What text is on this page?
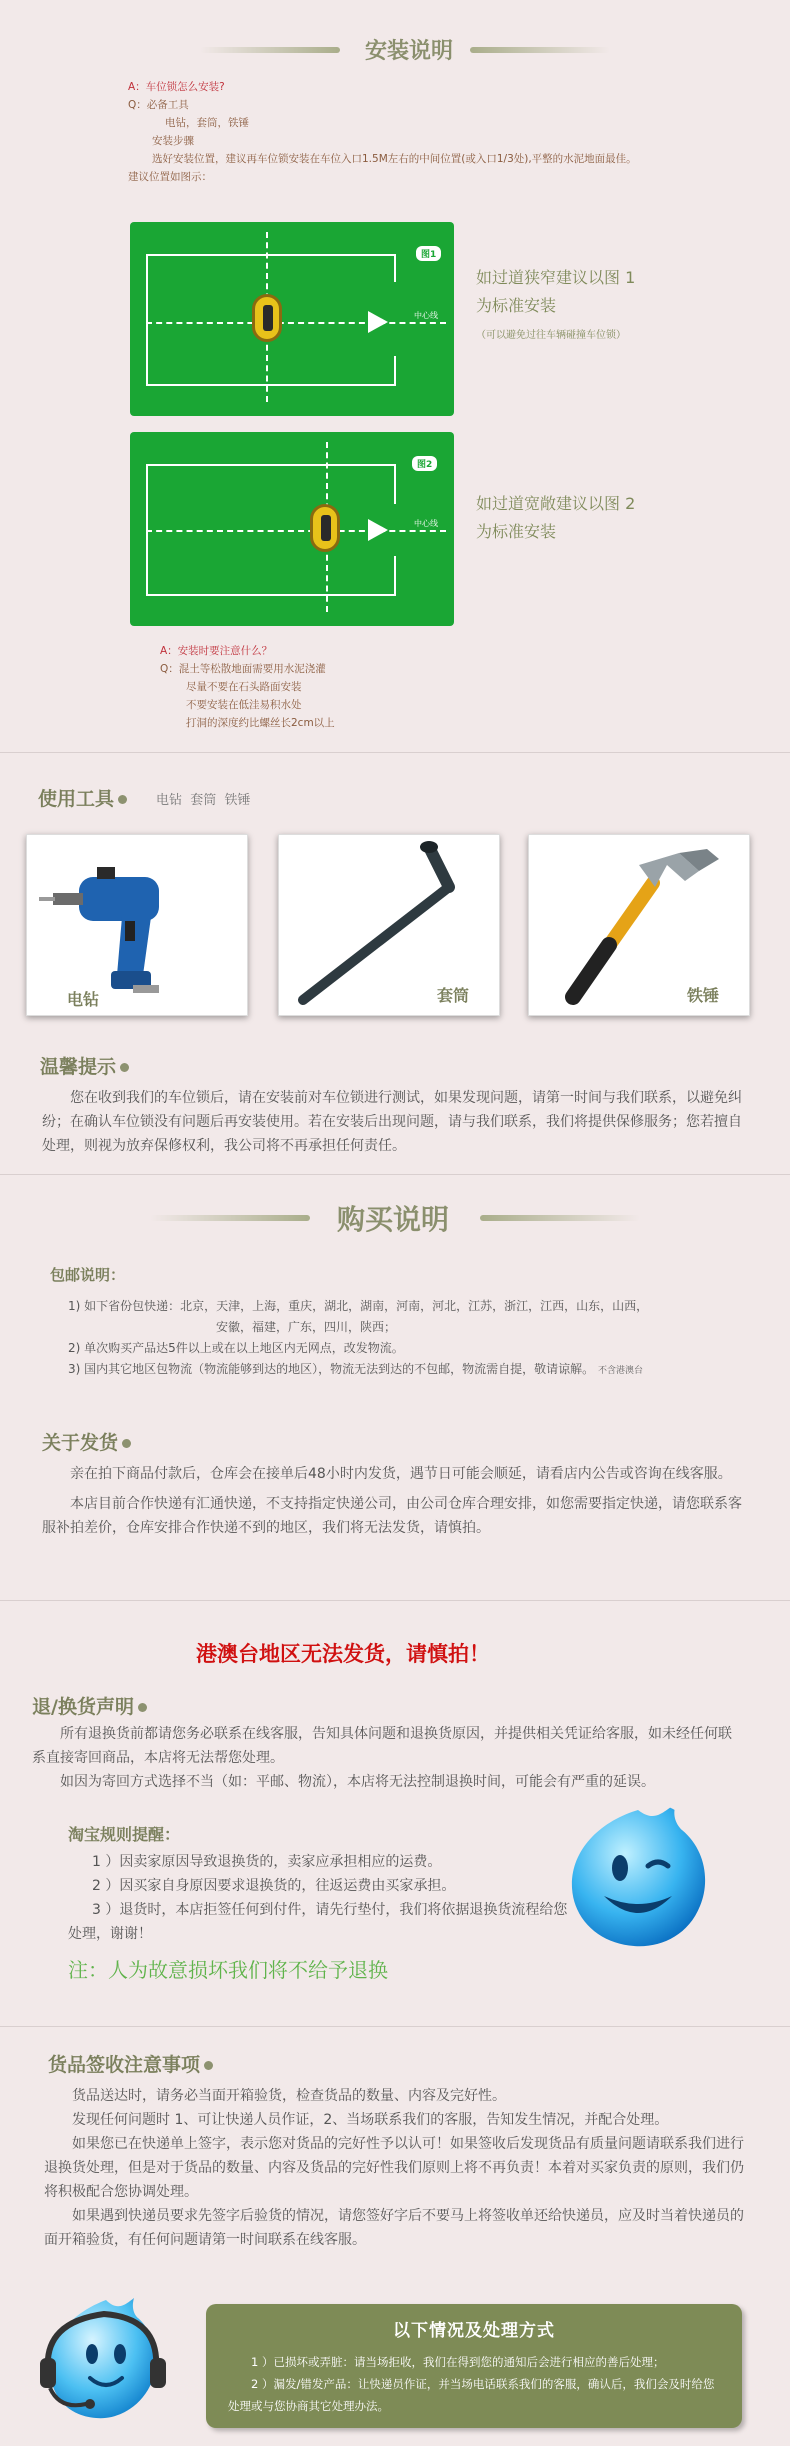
安装说明
A：车位锁怎么安装?
Q：必备工具
电钻，套筒，铁锤
安装步骤
选好安装位置，建议再车位锁安装在车位入口1.5M左右的中间位置(或入口1/3处),平整的水泥地面最佳。
建议位置如图示：
图1
中心线
如过道狭窄建议以图 1
为标准安装
（可以避免过往车辆碰撞车位锁）
图2
中心线
如过道宽敞建议以图 2
为标准安装
A：安装时要注意什么？
Q：混土等松散地面需要用水泥浇灌
尽量不要在石头路面安装
不要安装在低洼易积水处
打洞的深度约比螺丝长2cm以上
使用工具	电钻  套筒  铁锤
电钻	套筒	铁锤
温馨提示

您在收到我们的车位锁后，请在安装前对车位锁进行测试，如果发现问题，请第一时间与我们联系，以避免纠纷；在确认车位锁没有问题后再安装使用。若在安装后出现问题，请与我们联系，我们将提供保修服务；您若擅自处理，则视为放弃保修权利，我公司将不再承担任何责任。

购买说明
包邮说明：
1) 如下省份包快递：北京，天津，上海，重庆，湖北，湖南，河南，河北，江苏，浙江，江西，山东，山西，
安徽，福建，广东，四川，陕西；
2) 单次购买产品达5件以上或在以上地区内无网点，改发物流。
3) 国内其它地区包物流（物流能够到达的地区），物流无法到达的不包邮，物流需自提，敬请谅解。 不含港澳台
关于发货

亲在拍下商品付款后，仓库会在接单后48小时内发货，遇节日可能会顺延，请看店内公告或咨询在线客服。

本店目前合作快递有汇通快递，不支持指定快递公司，由公司仓库合理安排，如您需要指定快递，请您联系客服补拍差价，仓库安排合作快递不到的地区，我们将无法发货，请慎拍。

港澳台地区无法发货，请慎拍！
退/换货声明

所有退换货前都请您务必联系在线客服，告知具体问题和退换货原因，并提供相关凭证给客服，如未经任何联系直接寄回商品，本店将无法帮您处理。

如因为寄回方式选择不当（如：平邮、物流），本店将无法控制退换时间，可能会有严重的延误。

淘宝规则提醒：
1 ）因卖家原因导致退换货的，卖家应承担相应的运费。
2 ）因买家自身原因要求退换货的，往返运费由买家承担。
3 ）退货时，本店拒签任何到付件，请先行垫付，我们将依据退换货流程给您处理，谢谢！
注：人为故意损坏我们将不给予退换
货品签收注意事项

货品送达时，请务必当面开箱验货，检查货品的数量、内容及完好性。

发现任何问题时 1、可让快递人员作证，2、当场联系我们的客服，告知发生情况，并配合处理。

如果您已在快递单上签字，表示您对货品的完好性予以认可！如果签收后发现货品有质量问题请联系我们进行退换货处理，但是对于货品的数量、内容及货品的完好性我们原则上将不再负责！本着对买家负责的原则，我们仍将积极配合您协调处理。

如果遇到快递员要求先签字后验货的情况，请您签好字后不要马上将签收单还给快递员，应及时当着快递员的面开箱验货，有任何问题请第一时间联系在线客服。

以下情况及处理方式

1 ）已损坏或弄脏：请当场拒收，我们在得到您的通知后会进行相应的善后处理；

2 ）漏发/错发产品：让快递员作证，并当场电话联系我们的客服，确认后，我们会及时给您处理或与您协商其它处理办法。
